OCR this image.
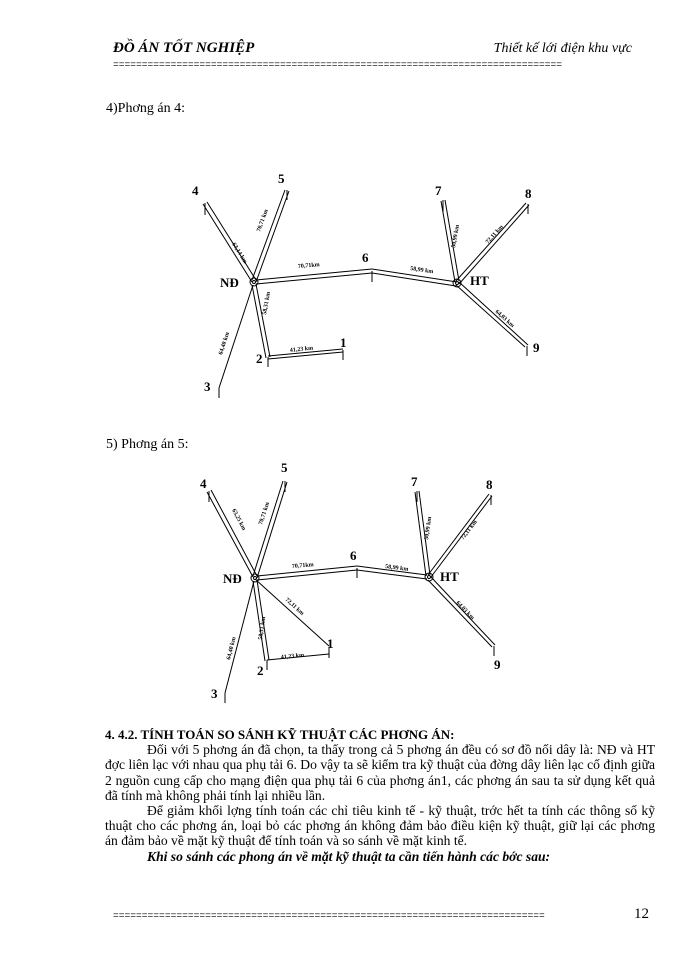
ĐỒ ÁN TỐT NGHIỆP	Thiết kế lới điện khu vực
==============================================================================
4)Phơng án 4:
NĐ	HT
4
5
6
7	8
9
1
2
3
63,14 km
70,71 km
70,71km	58,99 km
50,99 km	72,11 km
64,03 km
58,31 km
41,23 km
64,40 km
5) Phơng án 5:
NĐ	HT
4
5
6
7	8
9
1
2
3
63,25 km 70,71 km
70,71km	58,99 km
50,99 km	72,11 km
64,03 km
72,11 km
58,31 km
41,23 km
64,40 km

4. 4.2. TÍNH TOÁN SO SÁNH KỸ THUẬT CÁC PHƠNG ÁN:

Đối với 5 phơng án đã chọn, ta thấy trong cả 5 phơng án đều có sơ đồ nối dây là: NĐ và HT đợc liên lạc với nhau qua phụ tải 6. Do vậy ta sẽ kiểm tra kỹ thuật của đờng dây liên lạc cố định giữa 2 nguồn cung cấp cho mạng điện qua phụ tải 6 của phơng án1, các phơng án sau ta sử dụng kết quả đã tính mà không phải tính lại nhiều lần.

Để giảm khối lợng tính toán các chỉ tiêu kinh tế - kỹ thuật, trớc hết ta tính các thông số kỹ thuật cho các phơng án, loại bỏ các phơng án không đảm bảo điều kiện kỹ thuật, giữ lại các phơng án đảm bảo về mặt kỹ thuật để tính toán và so sánh về mặt kinh tế.

Khi so sánh các phong án về mặt kỹ thuật ta cần tiến hành các bớc sau:

===========================================================================	12
